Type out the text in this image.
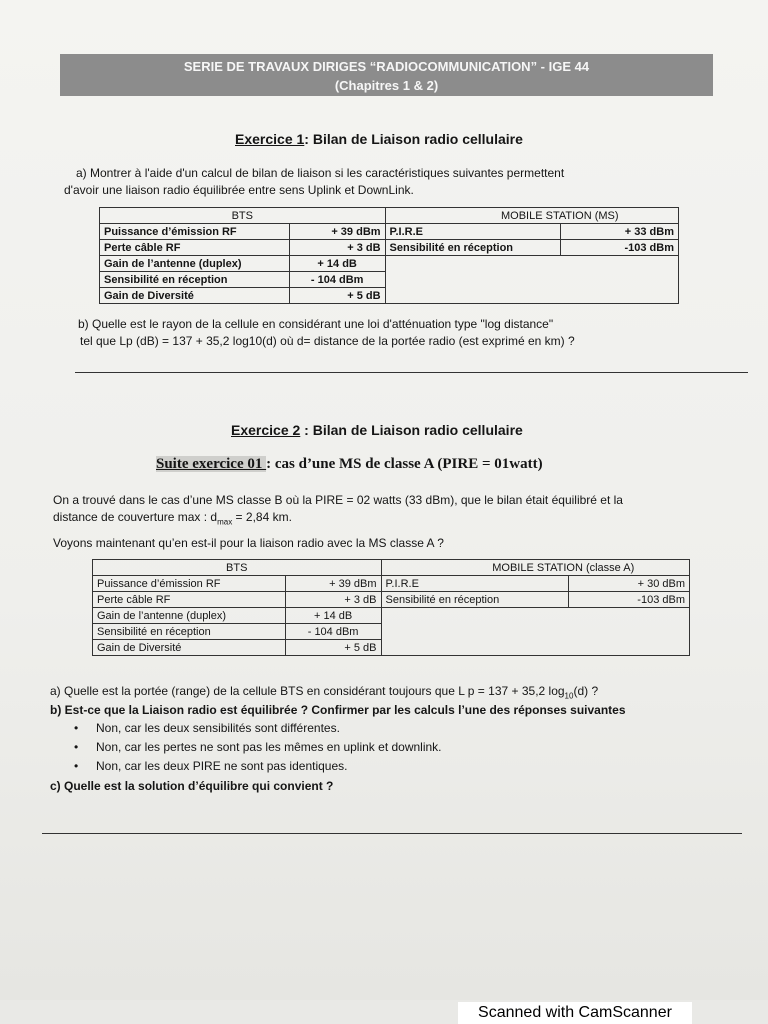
SERIE DE TRAVAUX DIRIGES “RADIOCOMMUNICATION” - IGE 44
(Chapitres 1 & 2)
Exercice 1: Bilan de Liaison radio cellulaire
a) Montrer à l'aide d'un calcul de bilan de liaison si les caractéristiques suivantes permettent
d'avoir une liaison radio équilibrée entre sens Uplink et DownLink.
BTS		MOBILE STATION (MS)	
Puissance d’émission RF	+ 39 dBm	P.I.R.E	+ 33 dBm
Perte câble RF	+ 3 dB	Sensibilité en réception	-103 dBm
Gain de l’antenne (duplex)	+ 14 dB		
Sensibilité en réception	- 104 dBm		
Gain de Diversité	+ 5 dB		
b) Quelle est le rayon de la cellule en considérant une loi d'atténuation type "log distance"
tel que Lp (dB) = 137 + 35,2 log10(d) où d= distance de la portée radio (est exprimé en km) ?
Exercice 2 : Bilan de Liaison radio cellulaire
Suite exercice 01 : cas d’une MS de classe A (PIRE = 01watt)
On a trouvé dans le cas d’une MS classe B où la PIRE = 02 watts (33 dBm), que le bilan était équilibré et la
distance de couverture max : $d_{max} = 2,84$ km.
Voyons maintenant qu’en est-il pour la liaison radio avec la MS classe A ?
BTS		MOBILE STATION (classe A)	
Puissance d’émission RF	+ 39 dBm	P.I.R.E	+ 30 dBm
Perte câble RF	+ 3 dB	Sensibilité en réception	-103 dBm
Gain de l’antenne (duplex)	+ 14 dB		
Sensibilité en réception	- 104 dBm		
Gain de Diversité	+ 5 dB		
a) Quelle est la portée (range) de la cellule BTS en considérant toujours que L p = 137 + 35,2 $\log_{10}(d)$ ?
b) Est-ce que la Liaison radio est équilibrée ? Confirmer par les calculs l’une des réponses suivantes
• Non, car les deux sensibilités sont différentes.
• Non, car les pertes ne sont pas les mêmes en uplink et downlink.
• Non, car les deux PIRE ne sont pas identiques.
c) Quelle est la solution d’équilibre qui convient ?
Scanned with CamScanner
